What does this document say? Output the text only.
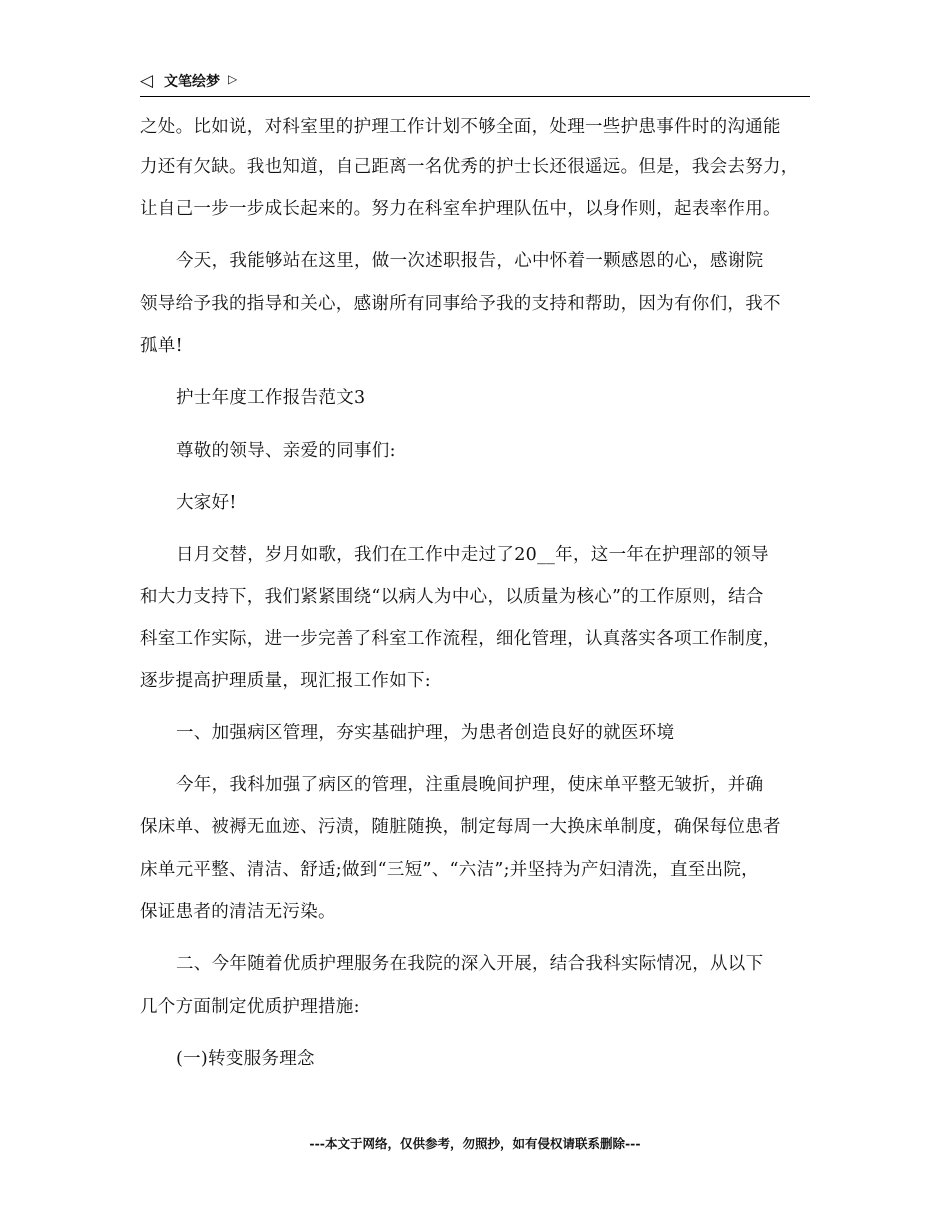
◁ 文笔绘梦 ▷
之处。比如说，对科室里的护理工作计划不够全面，处理一些护患事件时的沟通能
力还有欠缺。我也知道，自己距离一名优秀的护士长还很遥远。但是，我会去努力，
让自己一步一步成长起来的。努力在科室牟护理队伍中，以身作则，起表率作用。
今天，我能够站在这里，做一次述职报告，心中怀着一颗感恩的心，感谢院
领导给予我的指导和关心，感谢所有同事给予我的支持和帮助，因为有你们，我不
孤单!
护士年度工作报告范文3
尊敬的领导、亲爱的同事们:
大家好!
日月交替，岁月如歌，我们在工作中走过了20__年，这一年在护理部的领导
和大力支持下，我们紧紧围绕“以病人为中心，以质量为核心”的工作原则，结合
科室工作实际，进一步完善了科室工作流程，细化管理，认真落实各项工作制度，
逐步提高护理质量，现汇报工作如下:
一、加强病区管理，夯实基础护理，为患者创造良好的就医环境
今年，我科加强了病区的管理，注重晨晚间护理，使床单平整无皱折，并确
保床单、被褥无血迹、污渍，随脏随换，制定每周一大换床单制度，确保每位患者
床单元平整、清洁、舒适;做到“三短”、“六洁”;并坚持为产妇清洗，直至出院，
保证患者的清洁无污染。
二、今年随着优质护理服务在我院的深入开展，结合我科实际情况，从以下
几个方面制定优质护理措施:
(一)转变服务理念
---本文于网络，仅供参考，勿照抄，如有侵权请联系删除---
